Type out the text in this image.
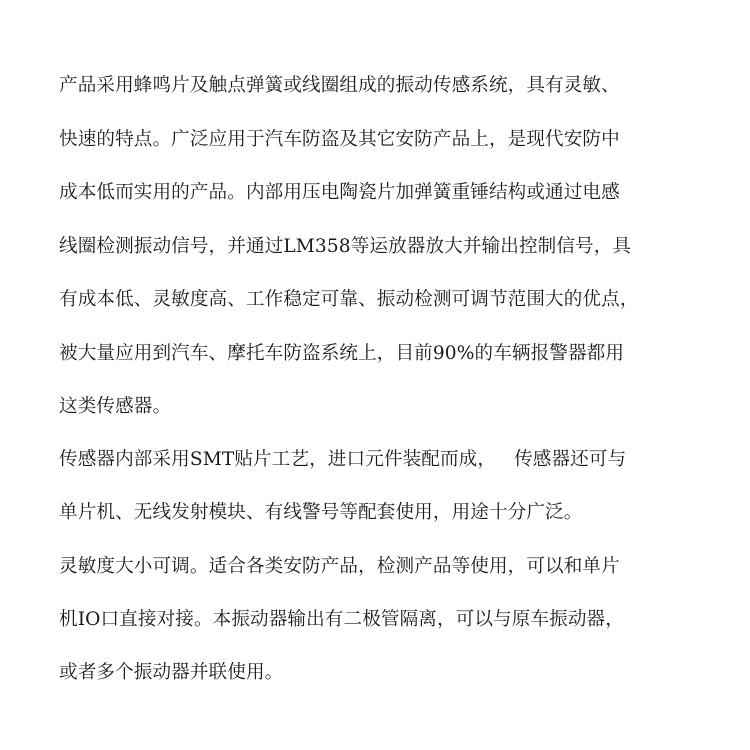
产品采用蜂鸣片及触点弹簧或线圈组成的振动传感系统，具有灵敏、
快速的特点。广泛应用于汽车防盗及其它安防产品上，是现代安防中
成本低而实用的产品。内部用压电陶瓷片加弹簧重锤结构或通过电感
线圈检测振动信号，并通过LM358等运放器放大并输出控制信号，具
有成本低、灵敏度高、工作稳定可靠、振动检测可调节范围大的优点，
被大量应用到汽车、摩托车防盗系统上，目前90%的车辆报警器都用
这类传感器。
传感器内部采用SMT贴片工艺，进口元件装配而成，   传感器还可与
单片机、无线发射模块、有线警号等配套使用，用途十分广泛。
灵敏度大小可调。适合各类安防产品，检测产品等使用，可以和单片
机IO口直接对接。本振动器输出有二极管隔离，可以与原车振动器，
或者多个振动器并联使用。
